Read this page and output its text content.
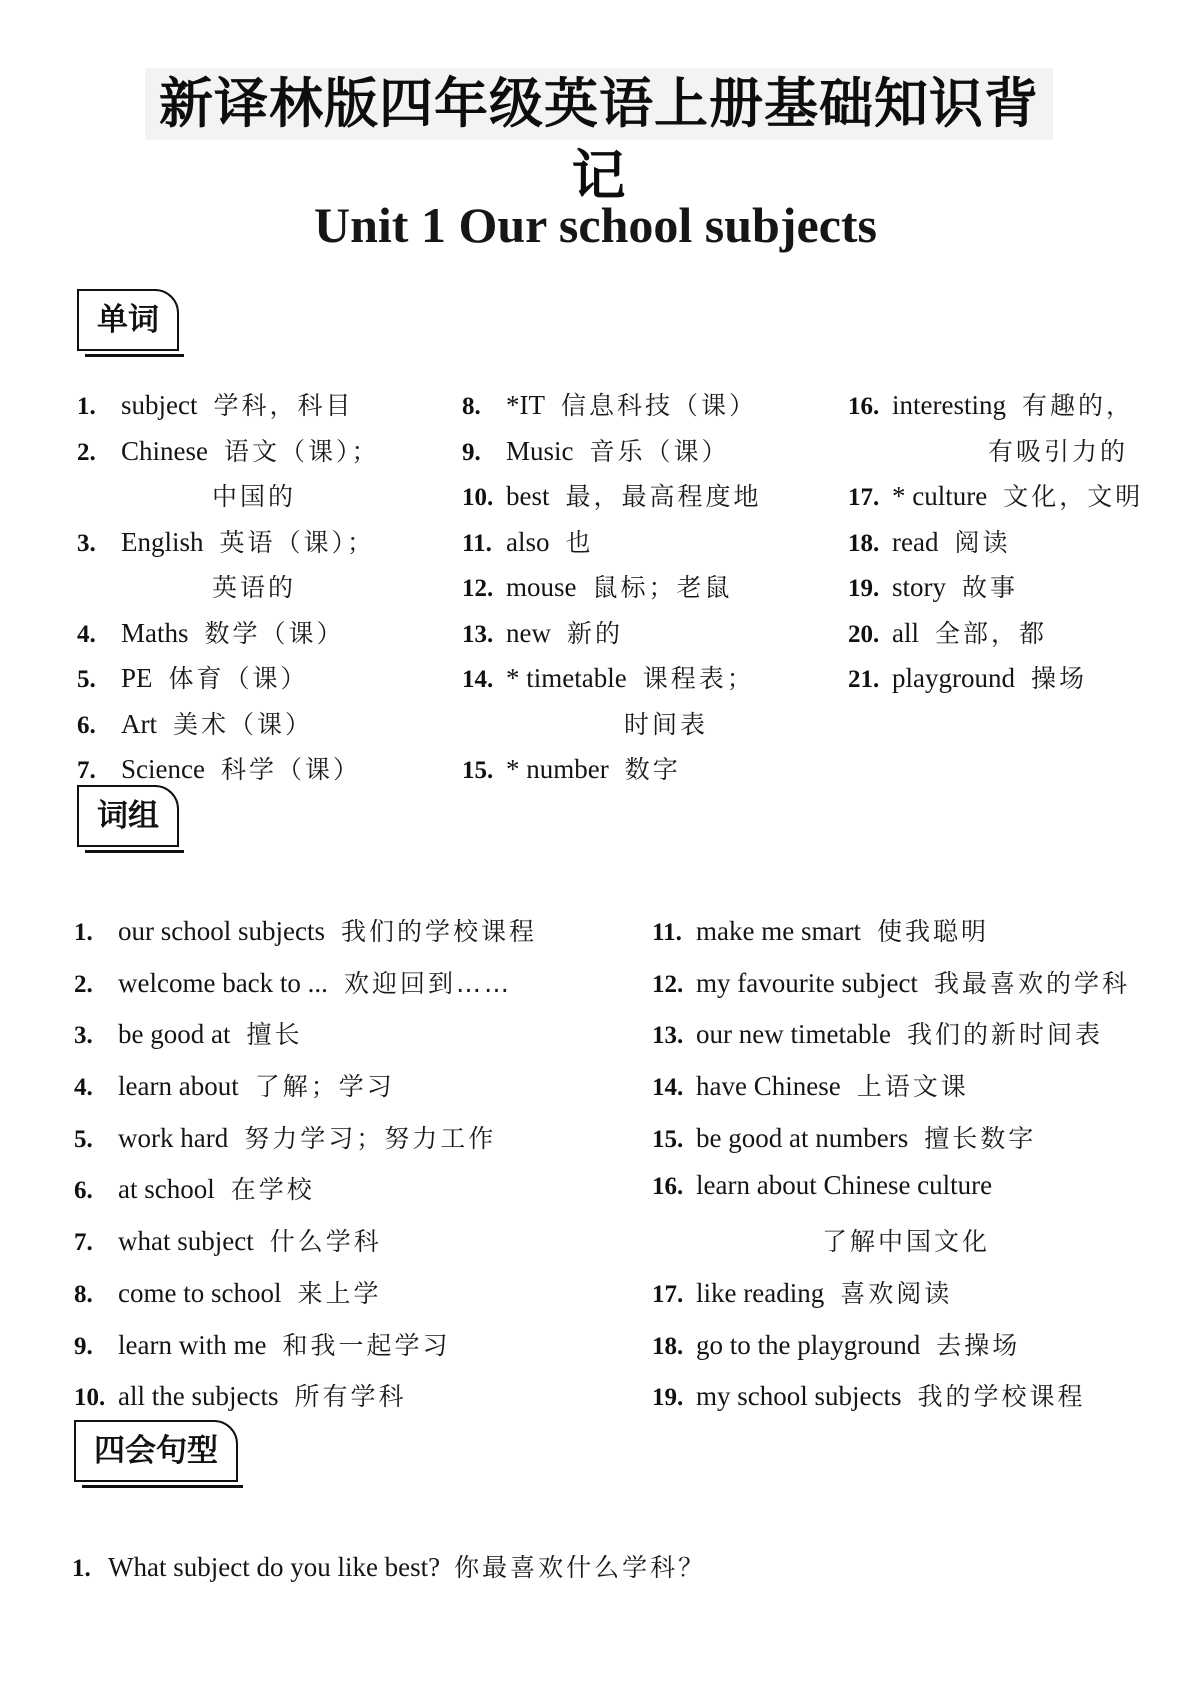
新译林版四年级英语上册基础知识背记
Unit 1 Our school subjects
单词
1. subject 学科，科目
2. Chinese 语文（课）；
中国的
3. English 英语（课）；
英语的
4. Maths 数学（课）
5. PE 体育（课）
6. Art 美术（课）
7. Science 科学（课）
8. *IT 信息科技（课）
9. Music 音乐（课）
10. best 最，最高程度地
11. also 也
12. mouse 鼠标；老鼠
13. new 新的
14. * timetable 课程表；
时间表
15. * number 数字
16. interesting 有趣的，
有吸引力的
17. * culture 文化，文明
18. read 阅读
19. story 故事
20. all 全部，都
21. playground 操场
词组
1. our school subjects 我们的学校课程
2. welcome back to ... 欢迎回到……
3. be good at 擅长
4. learn about 了解；学习
5. work hard 努力学习；努力工作
6. at school 在学校
7. what subject 什么学科
8. come to school 来上学
9. learn with me 和我一起学习
10. all the subjects 所有学科
11. make me smart 使我聪明
12. my favourite subject 我最喜欢的学科
13. our new timetable 我们的新时间表
14. have Chinese 上语文课
15. be good at numbers 擅长数字
16. learn about Chinese culture
了解中国文化
17. like reading 喜欢阅读
18. go to the playground 去操场
19. my school subjects 我的学校课程
四会句型
1. What subject do you like best? 你最喜欢什么学科？
